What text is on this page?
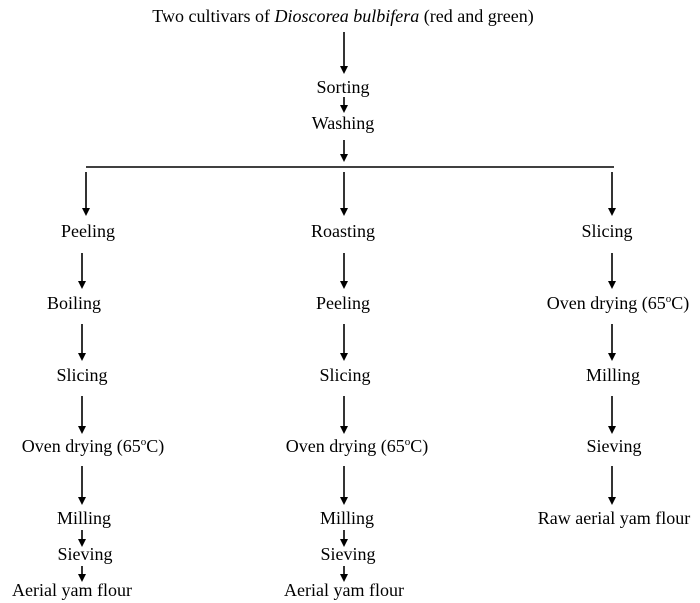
Two cultivars of Dioscorea bulbifera (red and green)
Sorting
Washing
Peeling
Boiling
Slicing
Oven drying (65$^o$C)
Milling
Sieving
Aerial yam flour
Roasting
Peeling
Slicing
Oven drying (65$^o$C)
Milling
Sieving
Aerial yam flour
Slicing
Oven drying (65$^o$C)
Milling
Sieving
Raw aerial yam flour
